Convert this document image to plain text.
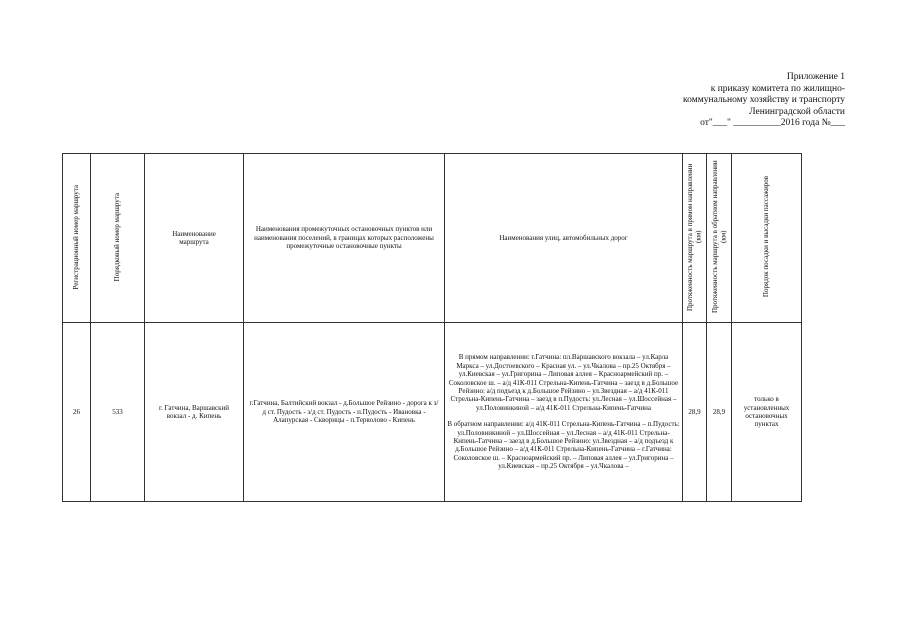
Приложение 1
к приказу комитета по жилищно-
коммунальному хозяйству и транспорту
Ленинградской области
от"___" __________2016 года №___
Регистрационный номер маршрута	Порядковый номер маршрута	Наименование маршрута	Наименования промежуточных остановочных пунктов или наименования поселений, в границах которых расположены промежуточные остановочные пункты	Наименования улиц, автомобильных дорог	Протяженность маршрута в прямом направлении (км)	Протяженность маршрута в обратном направлении (км)	Порядок посадки и высадки пассажиров
26	533	г. Гатчина, Варшавский вокзал - д. Кипень	г.Гатчина, Балтийский вокзал - д.Большое Рейзино - дорога к з/д ст. Пудость - з/д ст. Пудость - п.Пудость - Ивановка - Алапурская - Скворицы - п.Терволово - Кипень	В прямом направлении: г.Гатчина: пл.Варшавского вокзала – ул.Карла Маркса – ул.Достоевского – Красная ул. – ул.Чкалова – пр.25 Октября – ул.Киевская – ул.Григорина – Липовая аллея – Красноармейский пр. – Соколовское ш. – а/д 41К-011 Стрельна-Кипень-Гатчина – заезд в д.Большое Рейзино: а/д подъезд к д.Большое Рейзино – ул.Звездная – а/д 41К-011 Стрельна-Кипень-Гатчина – заезд в п.Пудость: ул.Лесная – ул.Шоссейная – ул.Половинкиной – а/д 41К-011 Стрельна-Кипень-Гатчина

В обратном направлении: а/д 41К-011 Стрельна-Кипень-Гатчина – п.Пудость: ул.Половинкиной – ул.Шоссейная – ул.Лесная – а/д 41К-011 Стрельна-Кипень-Гатчина – заезд в д.Большое Рейзино: ул.Звездная – а/д подъезд к д.Большое Рейзино – а/д 41К-011 Стрельна-Кипень-Гатчина – г.Гатчина: Соколовское ш. – Красноармейский пр. – Липовая аллея – ул.Григорина – ул.Киевская – пр.25 Октября – ул.Чкалова –	28,9	28,9	только в установленных остановочных пунктах
